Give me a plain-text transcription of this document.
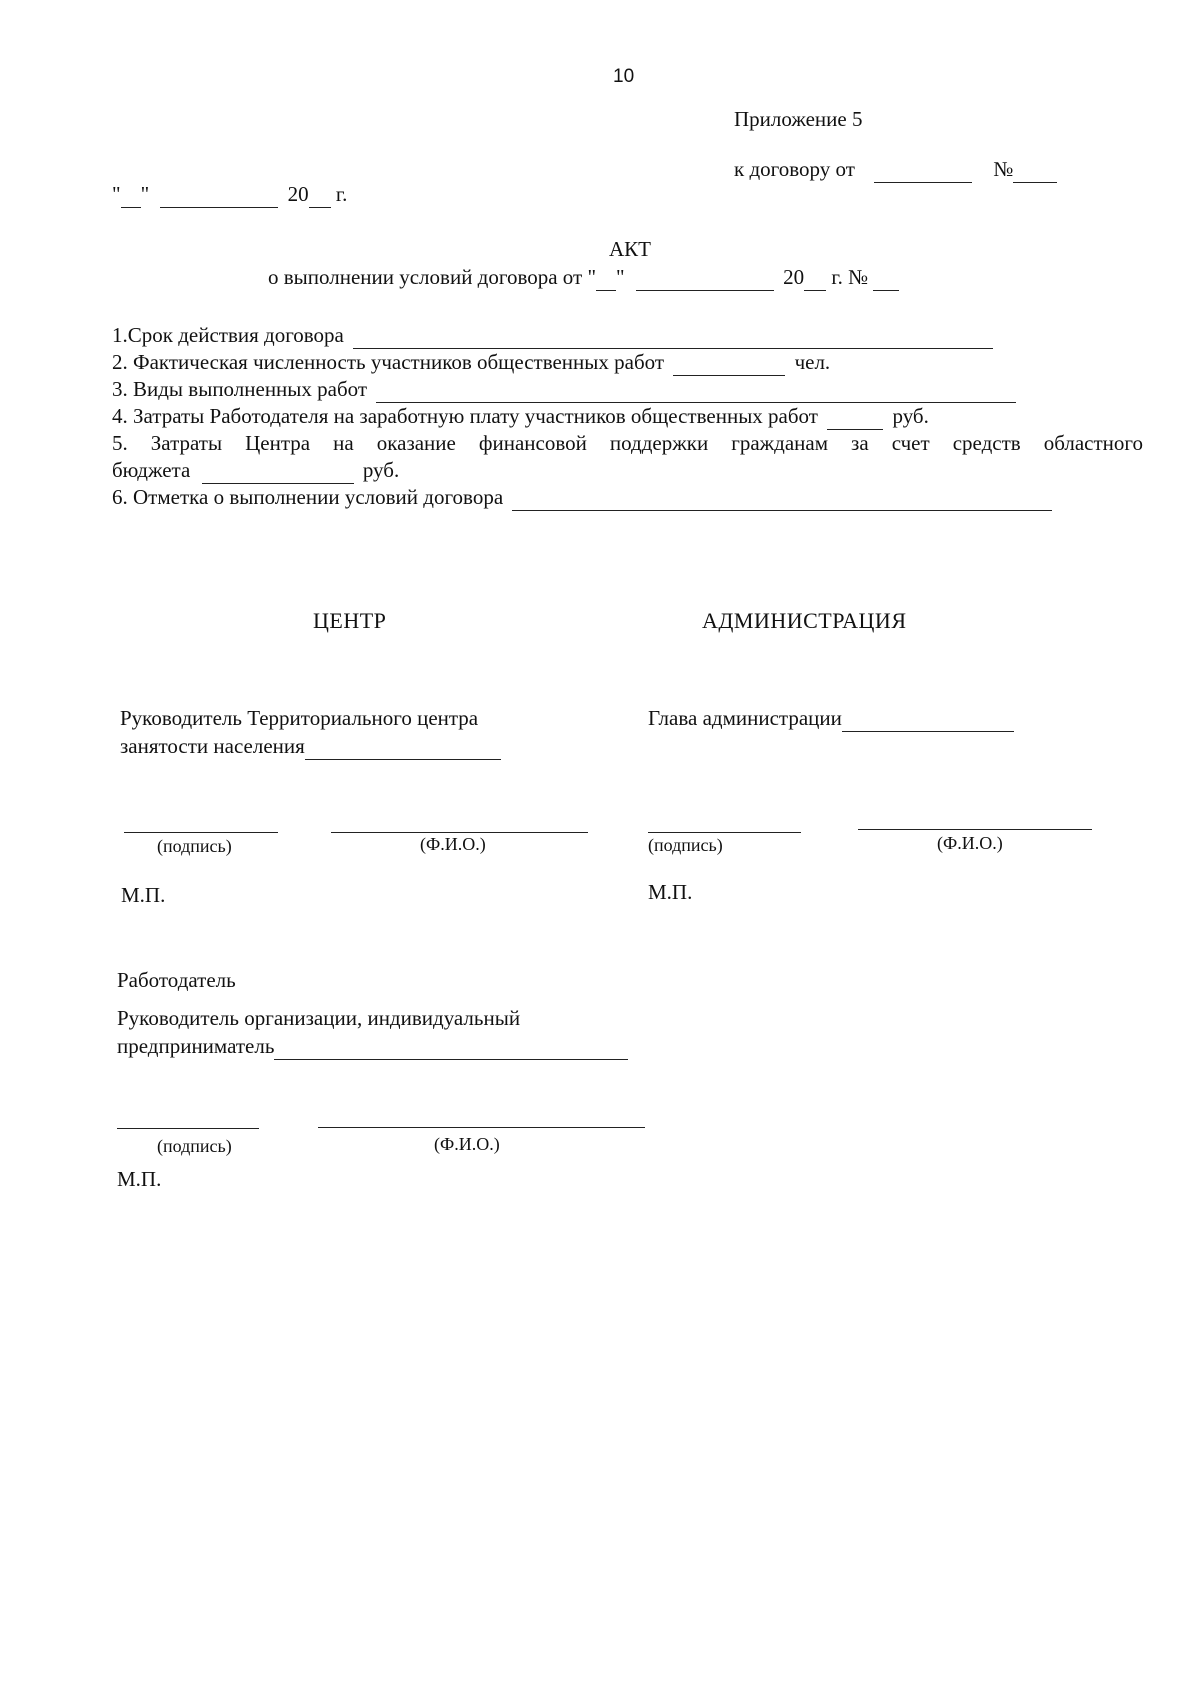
10
Приложение 5
к договору от	№
" "	20 г.
АКТ
о выполнении условий договора от " "	20 г. №
1.Срок действия договора
2. Фактическая численность участников общественных работ	чел.
3. Виды выполненных работ
4. Затраты Работодателя на заработную плату участников общественных работ	руб.
5. Затраты Центра на оказание финансовой поддержки гражданам за счет средств областного
бюджета	руб.
6. Отметка о выполнении условий договора
ЦЕНТР	АДМИНИСТРАЦИЯ
Руководитель Территориального центра
занятости населения
(подпись)	(Ф.И.О.)
М.П.
Глава администрации
(подпись)	(Ф.И.О.)
М.П.
Работодатель
Руководитель организации, индивидуальный
предприниматель
(подпись)	(Ф.И.О.)
М.П.
